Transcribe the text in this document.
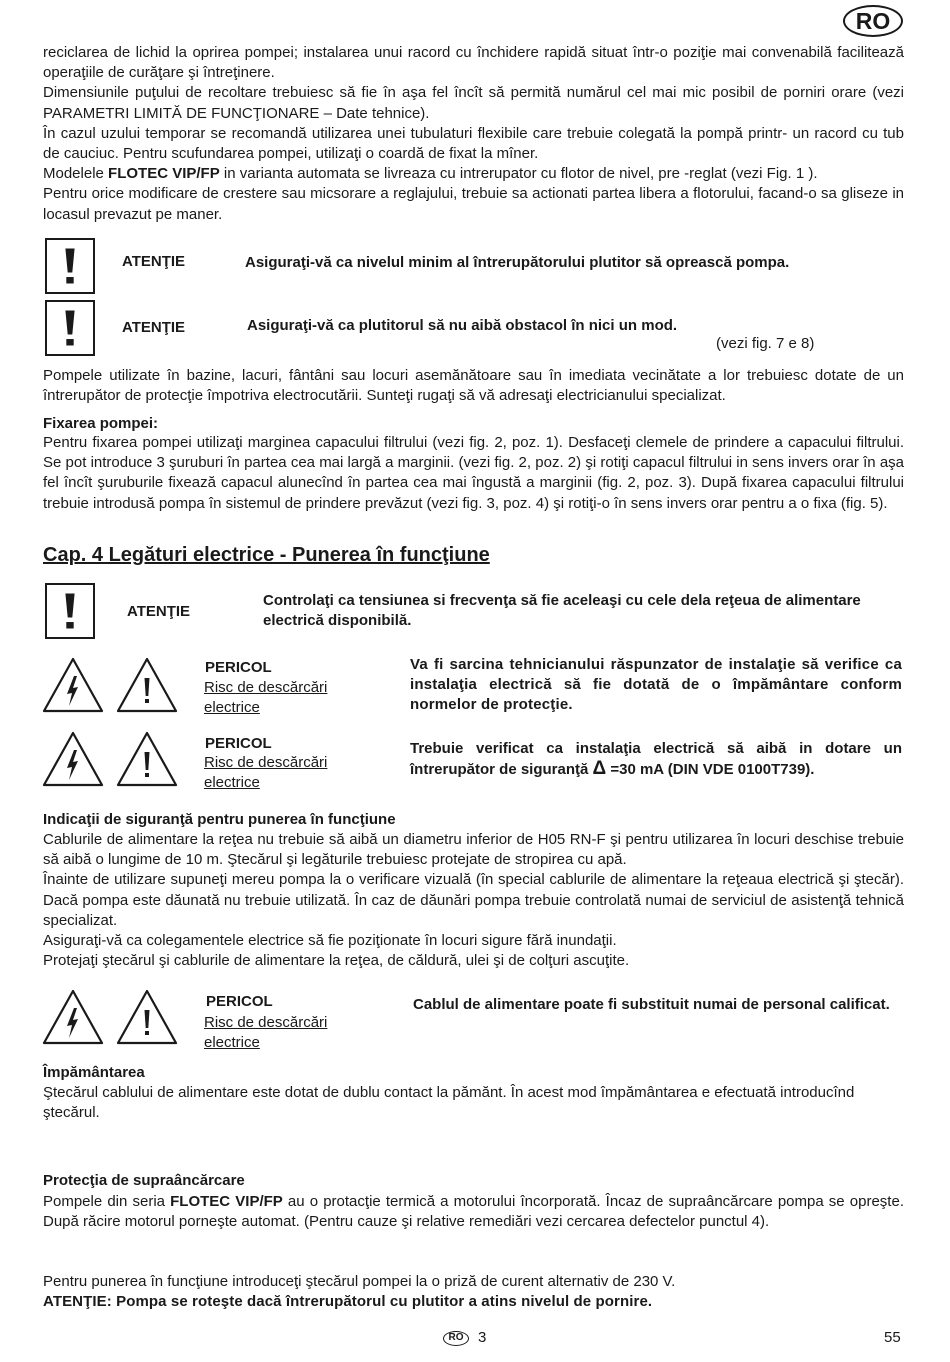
RO

reciclarea de lichid la oprirea pompei; instalarea unui racord cu închidere rapidă situat într-o poziţie mai convenabilă facilitează operaţiile de curăţare şi întreţinere.

Dimensiunile puţului de recoltare trebuiesc să fie în aşa fel încît să permită numărul cel mai mic posibil de porniri orare (vezi PARAMETRI LIMITĂ DE FUNCŢIONARE – Date tehnice).

În cazul uzului temporar se recomandă utilizarea unei tubulaturi flexibile care trebuie colegată la pompă printr- un racord cu tub de cauciuc. Pentru scufundarea pompei, utilizaţi o coardă de fixat la mîner.

Modelele FLOTEC VIP/FP in varianta automata se livreaza cu intrerupator cu flotor de nivel, pre -reglat (vezi Fig. 1 ).

Pentru orice modificare de crestere sau micsorare a reglajului, trebuie sa actionati partea libera a flotorului, facand-o sa gliseze in locasul prevazut pe maner.

ATENŢIE	Asiguraţi-vă ca nivelul minim al întrerupătorului plutitor să oprească pompa.
ATENŢIE	Asiguraţi-vă ca plutitorul să nu aibă obstacol în nici un mod.
(vezi fig. 7 e 8)
Pompele utilizate în bazine, lacuri, fântâni sau locuri asemănătoare sau în imediata vecinătate a lor trebuiesc dotate de un întrerupător de protecţie împotriva electrocutării. Sunteţi rugaţi să vă adresaţi electricianului specializat.
Fixarea pompei:
Pentru fixarea pompei utilizaţi marginea capacului filtrului (vezi fig. 2, poz. 1). Desfaceţi clemele de prindere a capacului filtrului. Se pot introduce 3 şuruburi în partea cea mai largă a marginii. (vezi fig. 2, poz. 2) şi rotiţi capacul filtrului in sens invers orar în aşa fel încît şuruburile fixează capacul alunecînd în partea cea mai îngustă a marginii (fig. 2, poz. 3). După fixarea capacului filtrului trebuie introdusă pompa în sistemul de prindere prevăzut (vezi fig. 3, poz. 4) şi rotiţi-o în sens invers orar pentru a o fixa (fig. 5).
Cap. 4 Legături electrice - Punerea în funcţiune
ATENŢIE
Controlaţi ca tensiunea si frecvenţa să fie aceleaşi cu cele dela reţeua de alimentare electrică disponibilă.
PERICOL
Risc de descărcări electrice
Va fi sarcina tehnicianului răspunzator de instalaţie să verifice ca instalaţia electrică să fie dotată de o împământare conform normelor de protecţie.
PERICOL
Risc de descărcări electrice
Trebuie verificat ca instalaţia electrică să aibă in dotare un întrerupător de siguranţă Δ =30 mA (DIN VDE 0100T739).
Indicaţii de siguranţă pentru punerea în funcţiune

Cablurile de alimentare la reţea nu trebuie să aibă un diametru inferior de H05 RN-F şi pentru utilizarea în locuri deschise trebuie să aibă o lungime de 10 m. Ştecărul şi legăturile trebuiesc protejate de stropirea cu apă.

Înainte de utilizare supuneţi mereu pompa la o verificare vizuală (în special cablurile de alimentare la reţeaua electrică şi ştecăr). Dacă pompa este dăunată nu trebuie utilizată. În caz de dăunări pompa trebuie controlată numai de serviciul de asistenţă tehnică specializat.

Asiguraţi-vă ca colegamentele electrice să fie poziţionate în locuri sigure fără inundaţii.

Protejaţi ştecărul şi cablurile de alimentare la reţea, de căldură, ulei şi de colţuri ascuţite.

PERICOL
Risc de descărcări electrice
Cablul de alimentare poate fi substituit numai de personal calificat.
Împământarea
Ştecărul cablului de alimentare este dotat de dublu contact la pămănt. În acest mod împământarea e efectuată introducînd ştecărul.
Protecţia de supraâncărcare
Pompele din seria FLOTEC VIP/FP au o protacţie termică a motorului încorporată. Încaz de supraâncărcare pompa se opreşte. După răcire motorul porneşte automat. (Pentru cauze şi relative remediări vezi cercarea defectelor punctul 4).
Pentru punerea în funcţiune introduceţi ştecărul pompei la o priză de curent alternativ de 230 V.
ATENŢIE: Pompa se roteşte dacă întrerupătorul cu plutitor a atins nivelul de pornire.
RO 3	55
